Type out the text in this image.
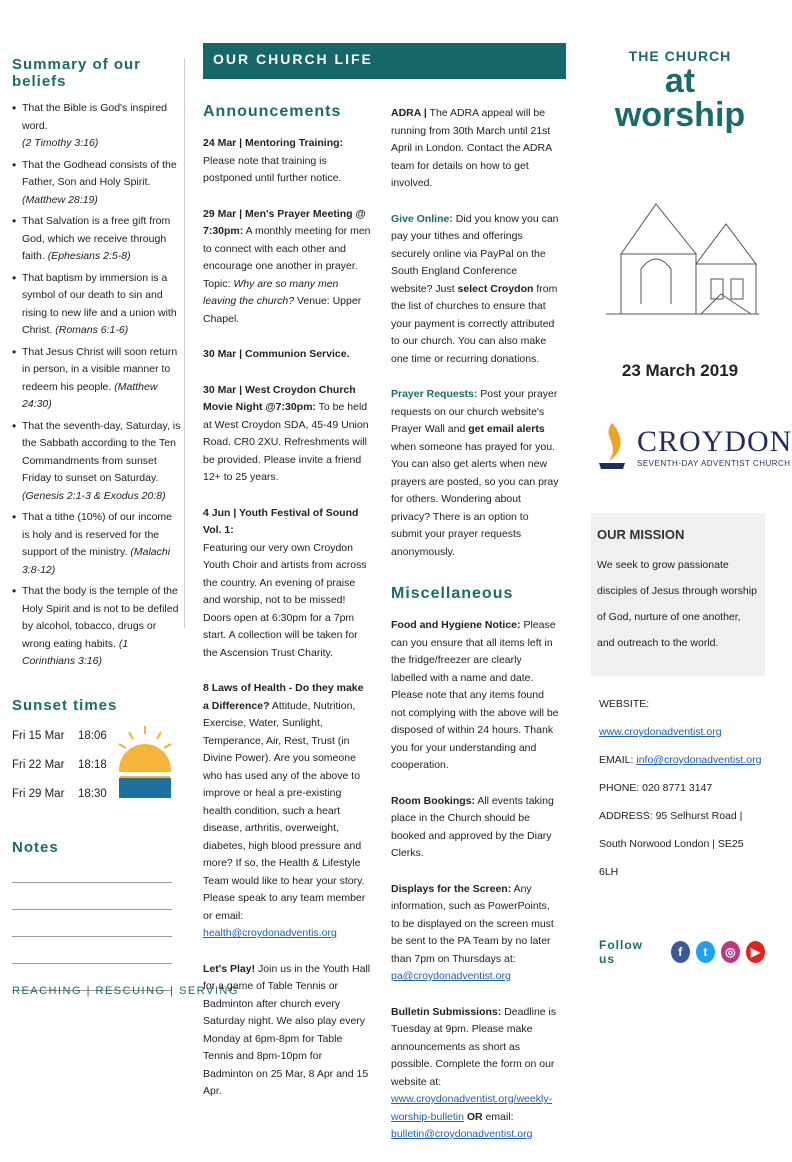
Summary of our beliefs
• That the Bible is God's inspired word.
(2 Timothy 3:16)
• That the Godhead consists of the Father, Son and Holy Spirit. (Matthew 28:19)
• That Salvation is a free gift from God, which we receive through faith. (Ephesians 2:5-8)
• That baptism by immersion is a symbol of our death to sin and rising to new life and a union with Christ. (Romans 6:1-6)
• That Jesus Christ will soon return in person, in a visible manner to redeem his people. (Matthew 24:30)
• That the seventh-day, Saturday, is the Sabbath according to the Ten Commandments from sunset Friday to sunset on Saturday. (Genesis 2:1-3 & Exodus 20:8)
• That a tithe (10%) of our income is holy and is reserved for the support of the ministry. (Malachi 3:8-12)
• That the body is the temple of the Holy Spirit and is not to be defiled by alcohol, tobacco, drugs or wrong eating habits. (1 Corinthians 3:16)
Sunset times
Fri 15 Mar	18:06
Fri 22 Mar	18:18
Fri 29 Mar	18:30
Notes
REACHING | RESCUING | SERVING
OUR CHURCH LIFE
Announcements
24 Mar | Mentoring Training: Please note that training is postponed until further notice.
29 Mar | Men's Prayer Meeting @ 7:30pm: A monthly meeting for men to connect with each other and encourage one another in prayer. Topic: Why are so many men leaving the church? Venue: Upper Chapel.
30 Mar | Communion Service.
30 Mar | West Croydon Church Movie Night @7:30pm: To be held at West Croydon SDA, 45-49 Union Road. CR0 2XU. Refreshments will be provided. Please invite a friend 12+ to 25 years.
4 Jun | Youth Festival of Sound Vol. 1:
Featuring our very own Croydon Youth Choir and artists from across the country. An evening of praise and worship, not to be missed! Doors open at 6:30pm for a 7pm start. A collection will be taken for the Ascension Trust Charity.
8 Laws of Health - Do they make a Difference? Attitude, Nutrition, Exercise, Water, Sunlight, Temperance, Air, Rest, Trust (in Divine Power). Are you someone who has used any of the above to improve or heal a pre-existing health condition, such a heart disease, arthritis, overweight, diabetes, high blood pressure and more? If so, the Health & Lifestyle Team would like to hear your story. Please speak to any team member or email: health@croydonadventis.org
Let's Play! Join us in the Youth Hall for a game of Table Tennis or Badminton after church every Saturday night. We also play every Monday at 6pm-8pm for Table Tennis and 8pm-10pm for Badminton on 25 Mar, 8 Apr and 15 Apr.
ADRA | The ADRA appeal will be running from 30th March until 21st April in London. Contact the ADRA team for details on how to get involved.
Give Online: Did you know you can pay your tithes and offerings securely online via PayPal on the South England Conference website? Just select Croydon from the list of churches to ensure that your payment is correctly attributed to our church. You can also make one time or recurring donations.
Prayer Requests: Post your prayer requests on our church website's Prayer Wall and get email alerts when someone has prayed for you. You can also get alerts when new prayers are posted, so you can pray for others. Wondering about privacy? There is an option to submit your prayer requests anonymously.
Miscellaneous
Food and Hygiene Notice: Please can you ensure that all items left in the fridge/freezer are clearly labelled with a name and date. Please note that any items found not complying with the above will be disposed of within 24 hours. Thank you for your understanding and cooperation.
Room Bookings: All events taking place in the Church should be booked and approved by the Diary Clerks.
Displays for the Screen: Any information, such as PowerPoints, to be displayed on the screen must be sent to the PA Team by no later than 7pm on Thursdays at: pa@croydonadventist.org
Bulletin Submissions: Deadline is Tuesday at 9pm. Please make announcements as short as possible. Complete the form on our website at: www.croydonadventist.org/weekly-worship-bulletin OR email: bulletin@croydonadventist.org
THE CHURCH
at worship
23 March 2019
CROYDON
SEVENTH-DAY ADVENTIST CHURCH
OUR MISSION

We seek to grow passionate disciples of Jesus through worship of God, nurture of one another, and outreach to the world.

WEBSITE: www.croydonadventist.org
EMAIL: info@croydonadventist.org
PHONE: 020 8771 3147
ADDRESS: 95 Selhurst Road | South Norwood London | SE25 6LH
Follow us	f	t	◎	▶
